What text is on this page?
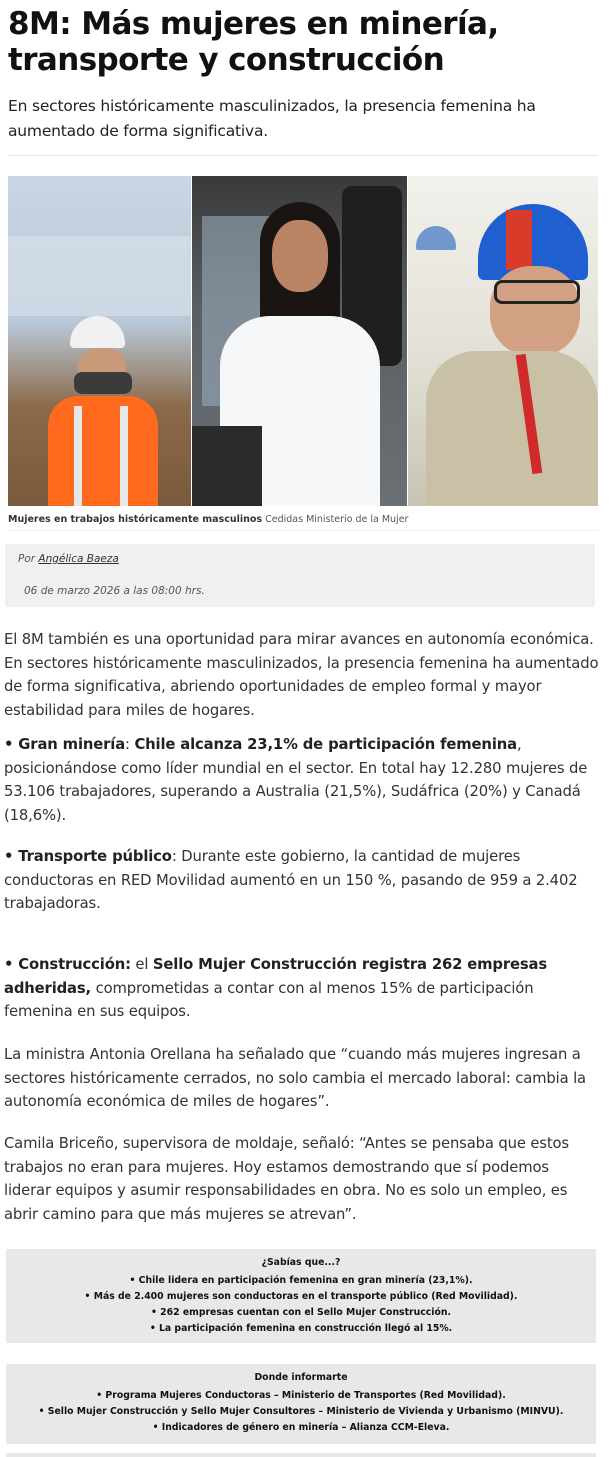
8M: Más mujeres en minería, transporte y construcción

En sectores históricamente masculinizados, la presencia femenina ha aumentado de forma significativa.

Mujeres en trabajos históricamente masculinos Cedidas Ministerio de la Mujer

Por Angélica Baeza

06 de marzo 2026 a las 08:00 hrs.

El 8M también es una oportunidad para mirar avances en autonomía económica. En sectores históricamente masculinizados, la presencia femenina ha aumentado de forma significativa, abriendo oportunidades de empleo formal y mayor estabilidad para miles de hogares.

• Gran minería: Chile alcanza 23,1% de participación femenina, posicionándose como líder mundial en el sector. En total hay 12.280 mujeres de 53.106 trabajadores, superando a Australia (21,5%), Sudáfrica (20%) y Canadá (18,6%).

• Transporte público: Durante este gobierno, la cantidad de mujeres conductoras en RED Movilidad aumentó en un 150 %, pasando de 959 a 2.402 trabajadoras.

• Construcción: el Sello Mujer Construcción registra 262 empresas adheridas, comprometidas a contar con al menos 15% de participación femenina en sus equipos.

La ministra Antonia Orellana ha señalado que “cuando más mujeres ingresan a sectores históricamente cerrados, no solo cambia el mercado laboral: cambia la autonomía económica de miles de hogares”.

Camila Briceño, supervisora de moldaje, señaló: “Antes se pensaba que estos trabajos no eran para mujeres. Hoy estamos demostrando que sí podemos liderar equipos y asumir responsabilidades en obra. No es solo un empleo, es abrir camino para que más mujeres se atrevan”.

¿Sabías que...?

• Chile lidera en participación femenina en gran minería (23,1%).

• Más de 2.400 mujeres son conductoras en el transporte público (Red Movilidad).

• 262 empresas cuentan con el Sello Mujer Construcción.

• La participación femenina en construcción llegó al 15%.

Donde informarte

• Programa Mujeres Conductoras – Ministerio de Transportes (Red Movilidad).

• Sello Mujer Construcción y Sello Mujer Consultores – Ministerio de Vivienda y Urbanismo (MINVU).

• Indicadores de género en minería – Alianza CCM-Eleva.
